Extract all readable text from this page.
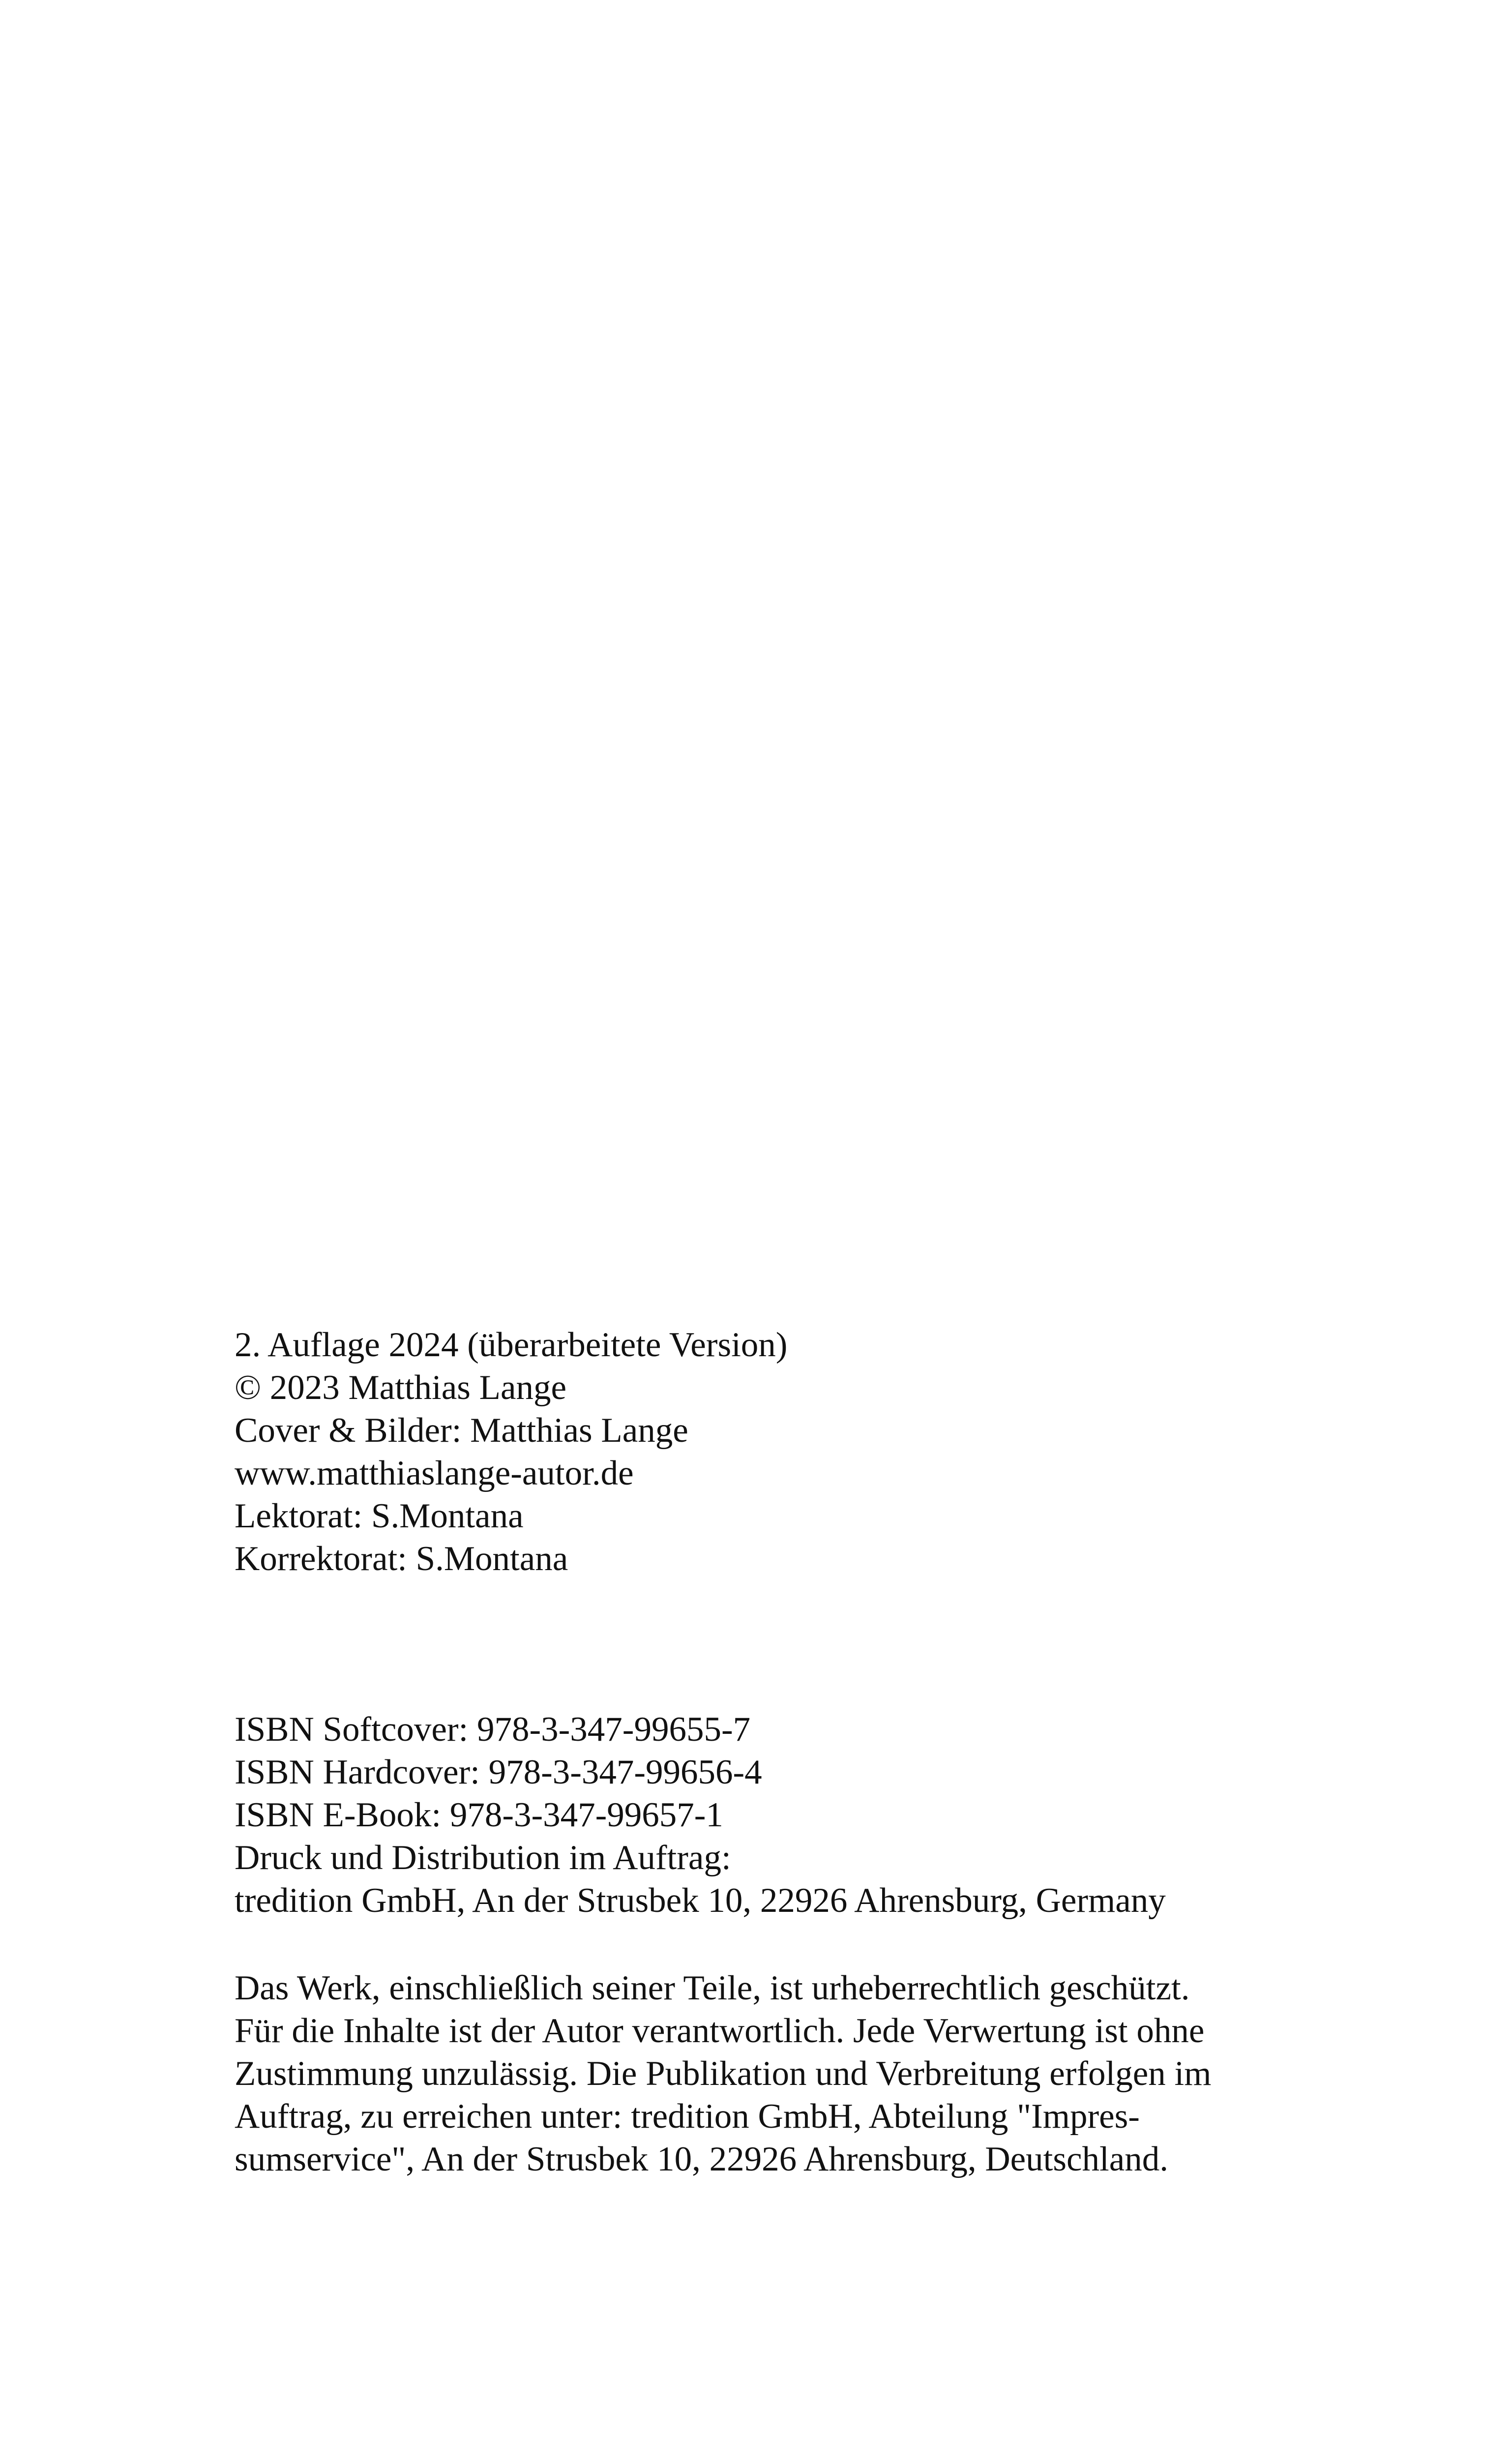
2. Auflage 2024 (überarbeitete Version)
© 2023 Matthias Lange
Cover & Bilder: Matthias Lange
www.matthiaslange-autor.de
Lektorat: S.Montana
Korrektorat: S.Montana
ISBN Softcover: 978-3-347-99655-7
ISBN Hardcover: 978-3-347-99656-4
ISBN E-Book: 978-3-347-99657-1
Druck und Distribution im Auftrag:
tredition GmbH, An der Strusbek 10, 22926 Ahrensburg, Germany
Das Werk, einschließlich seiner Teile, ist urheberrechtlich geschützt.
Für die Inhalte ist der Autor verantwortlich. Jede Verwertung ist ohne
Zustimmung unzulässig. Die Publikation und Verbreitung erfolgen im
Auftrag, zu erreichen unter: tredition GmbH, Abteilung "Impres-
sumservice", An der Strusbek 10, 22926 Ahrensburg, Deutschland.
